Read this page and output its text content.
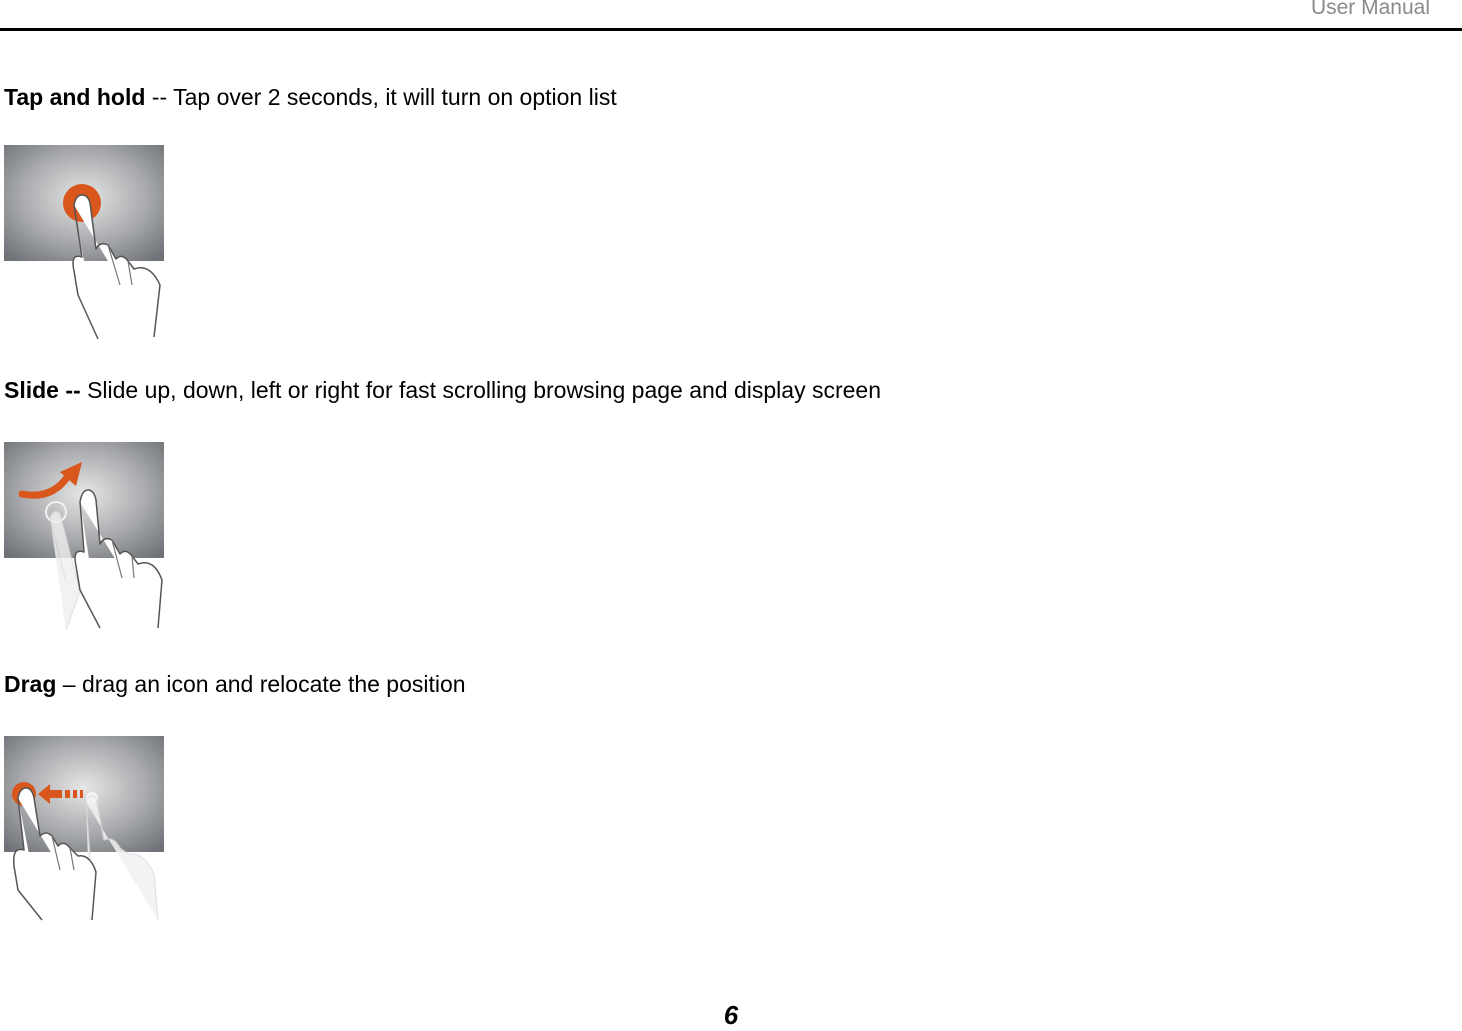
User Manual
Tap and hold -- Tap over 2 seconds, it will turn on option list
Slide -- Slide up, down, left or right for fast scrolling browsing page and display screen
Drag – drag an icon and relocate the position
6
